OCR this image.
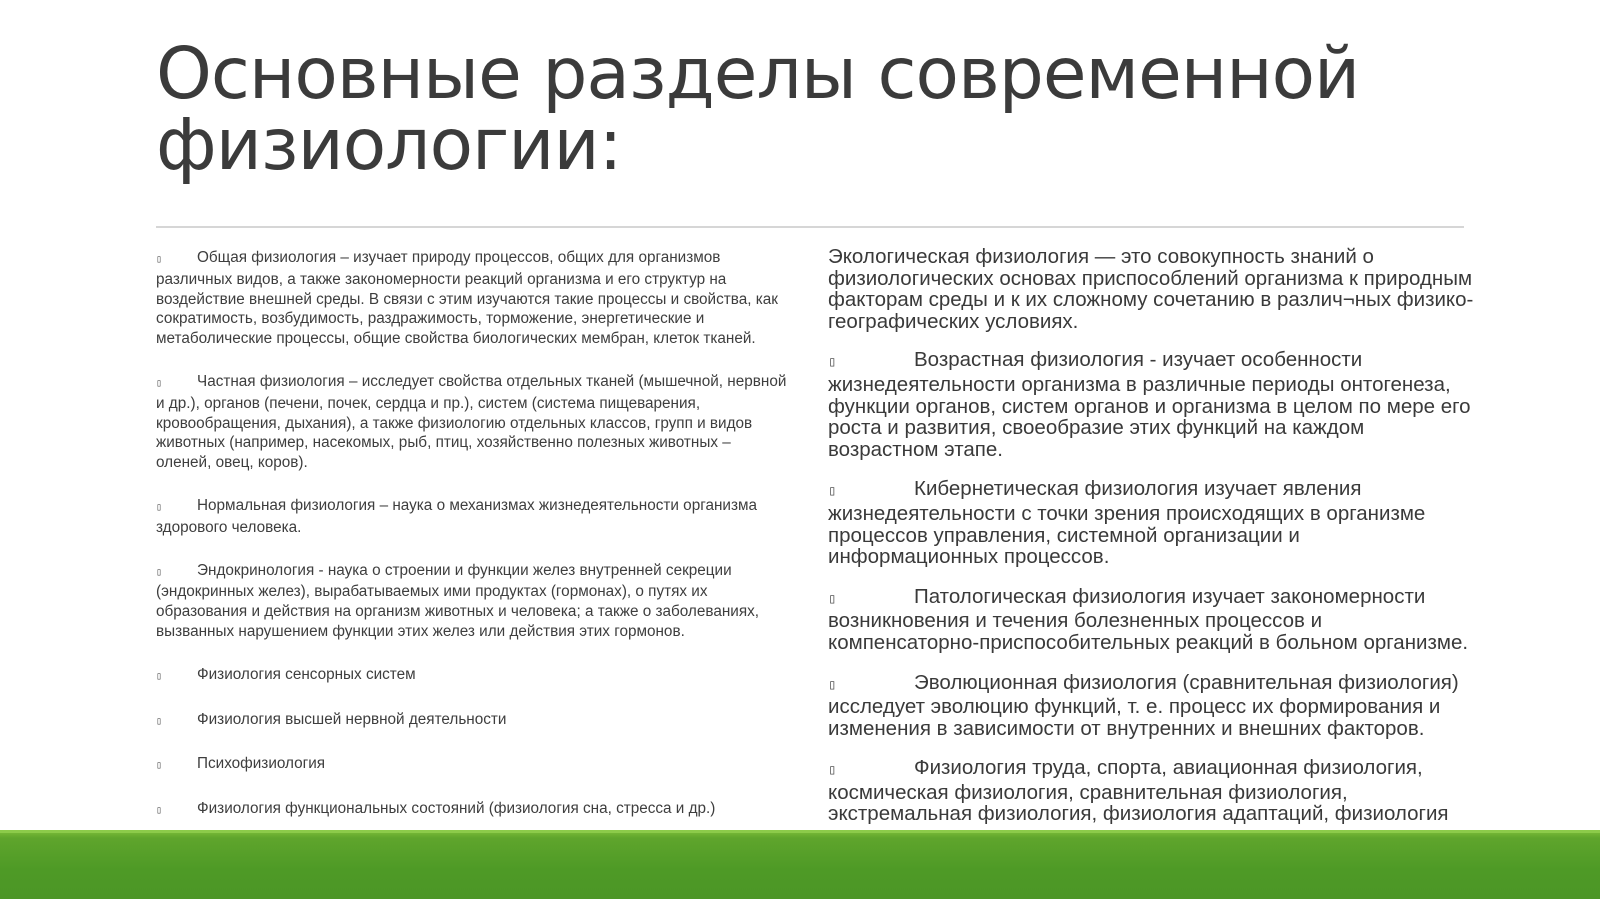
Основные разделы современной физиологии:
▯ Общая физиология – изучает природу процессов, общих для организмов различных видов, а также закономерности реакций организма и его структур на воздействие внешней среды. В связи с этим изучаются такие процессы и свойства, как сократимость, возбудимость, раздражимость, торможение, энергетические и метаболические процессы, общие свойства биологических мембран, клеток тканей.
▯ Частная физиология – исследует свойства отдельных тканей (мышечной, нервной и др.), органов (печени, почек, сердца и пр.), систем (система пищеварения, кровообращения, дыхания), а также физиологию отдельных классов, групп и видов животных (например, насекомых, рыб, птиц, хозяйственно полезных животных – оленей, овец, коров).
▯ Нормальная физиология – наука о механизмах жизнедеятельности организма здорового человека.
▯ Эндокринология - наука о строении и функции желез внутренней секреции (эндокринных желез), вырабатываемых ими продуктах (гормонах), о путях их образования и действия на организм животных и человека; а также о заболеваниях, вызванных нарушением функции этих желез или действия этих гормонов.
▯ Физиология сенсорных систем
▯ Физиология высшей нервной деятельности
▯ Психофизиология
▯ Физиология функциональных состояний (физиология сна, стресса и др.)
Экологическая физиология — это совокупность знаний о физиологических основах приспособлений организма к природным факторам среды и к их сложному сочетанию в различ¬ных физико-географических условиях.
▯	Возрастная физиология - изучает особенности жизнедеятельности организма в различные периоды онтогенеза, функции органов, систем органов и организма в целом по мере его роста и развития, своеобразие этих функций на каждом возрастном этапе.
▯	Кибернетическая физиология изучает явления жизнедеятельности с точки зрения происходящих в организме процессов управления, системной организации и информационных процессов.
▯	Патологическая физиология изучает закономерности возникновения и течения болезненных процессов и компенсаторно-приспособительных реакций в больном организме.
▯	Эволюционная физиология (сравнительная физиология) исследует эволюцию функций, т. е. процесс их формирования и изменения в зависимости от внутренних и внешних факторов.
▯	Физиология труда, спорта, авиационная физиология, космическая физиология, сравнительная физиология, экстремальная физиология, физиология адаптаций, физиология
